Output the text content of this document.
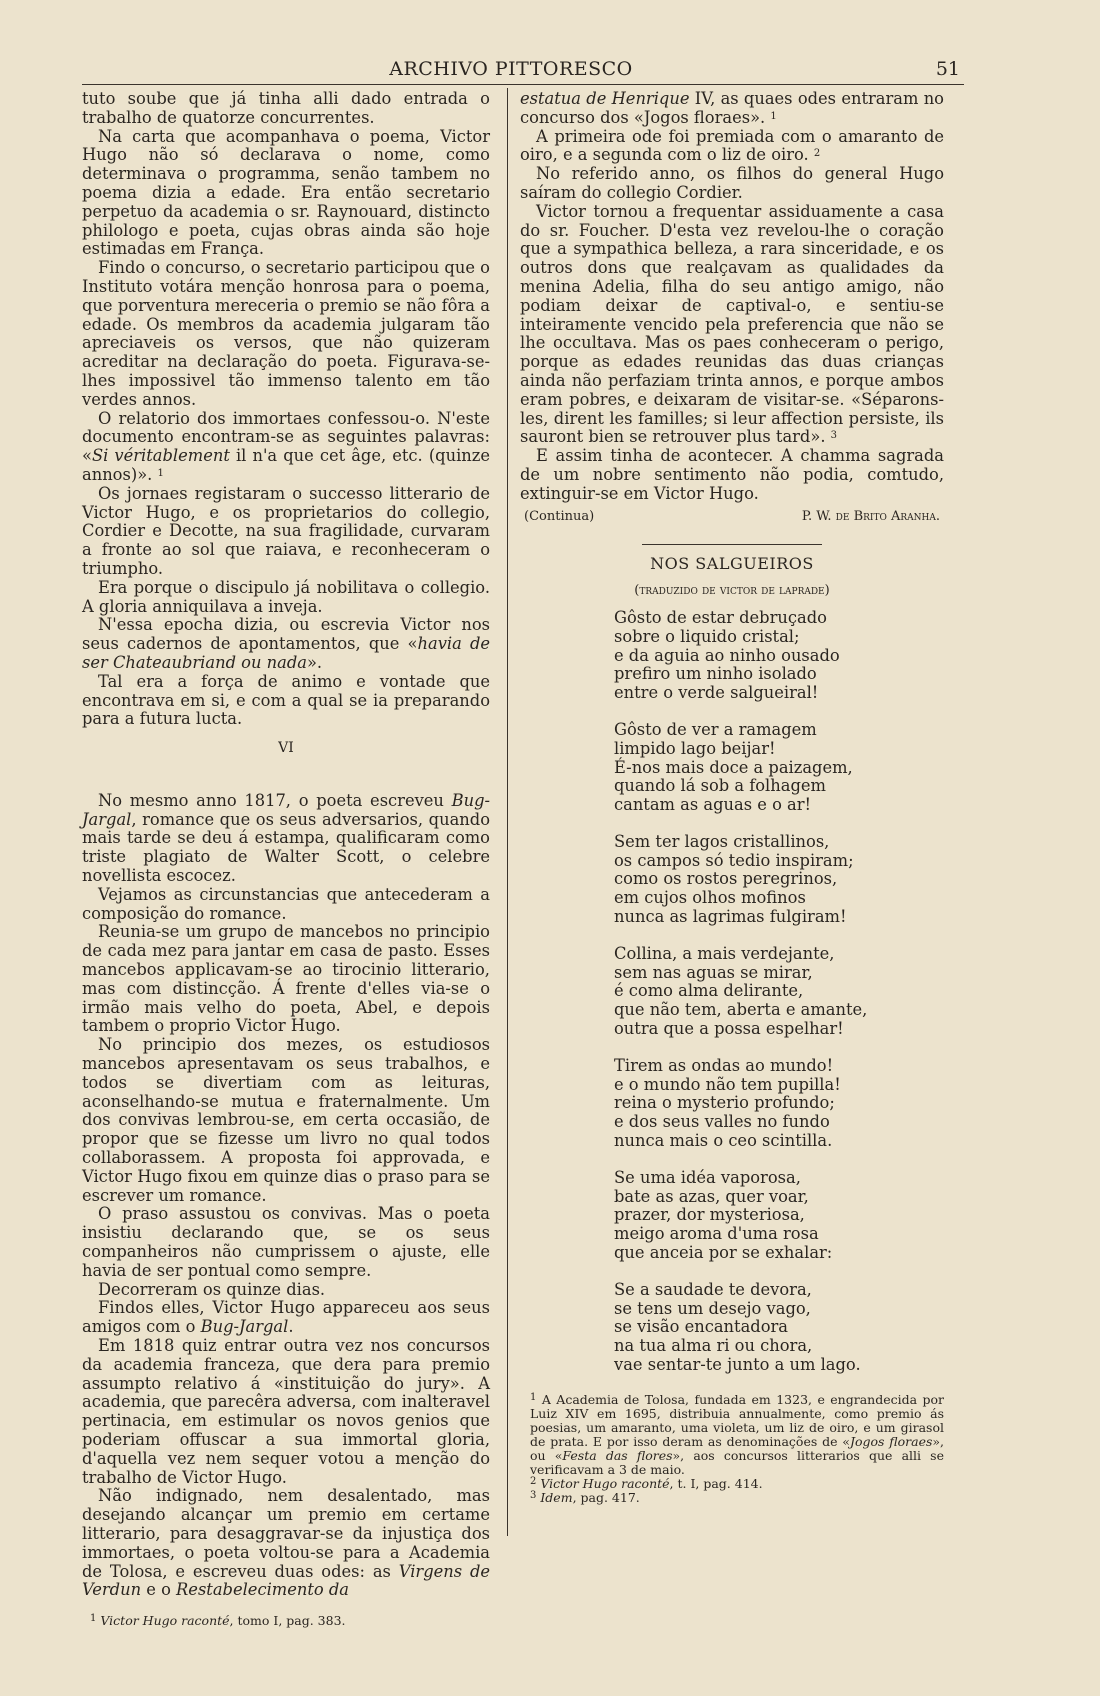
ARCHIVO PITTORESCO	51

tuto soube que já tinha alli dado entrada o trabalho de quatorze concurrentes.

Na carta que acompanhava o poema, Victor Hugo não só declarava o nome, como determinava o programma, senão tambem no poema dizia a edade. Era então secretario perpetuo da academia o sr. Raynouard, distincto philologo e poeta, cujas obras ainda são hoje estimadas em França.

Findo o concurso, o secretario participou que o Instituto votára menção honrosa para o poema, que porventura mereceria o premio se não fôra a edade. Os membros da academia julgaram tão apreciaveis os versos, que não quizeram acreditar na declaração do poeta. Figurava-se-lhes impossivel tão immenso talento em tão verdes annos.

O relatorio dos immortaes confessou-o. N'este documento encontram-se as seguintes palavras: «Si véritablement il n'a que cet âge, etc. (quinze annos)». $^1$

Os jornaes registaram o successo litterario de Victor Hugo, e os proprietarios do collegio, Cordier e Decotte, na sua fragilidade, curvaram a fronte ao sol que raiava, e reconheceram o triumpho.

Era porque o discipulo já nobilitava o collegio. A gloria anniquilava a inveja.

N'essa epocha dizia, ou escrevia Victor nos seus cadernos de apontamentos, que «havia de ser Chateaubriand ou nada».

Tal era a força de animo e vontade que encontrava em si, e com a qual se ia preparando para a futura lucta.

VI

No mesmo anno 1817, o poeta escreveu Bug-Jargal, romance que os seus adversarios, quando mais tarde se deu á estampa, qualificaram como triste plagiato de Walter Scott, o celebre novellista escocez.

Vejamos as circunstancias que antecederam a composição do romance.

Reunia-se um grupo de mancebos no principio de cada mez para jantar em casa de pasto. Esses mancebos applicavam-se ao tirocinio litterario, mas com distincção. Á frente d'elles via-se o irmão mais velho do poeta, Abel, e depois tambem o proprio Victor Hugo.

No principio dos mezes, os estudiosos mancebos apresentavam os seus trabalhos, e todos se divertiam com as leituras, aconselhando-se mutua e fraternalmente. Um dos convivas lembrou-se, em certa occasião, de propor que se fizesse um livro no qual todos collaborassem. A proposta foi approvada, e Victor Hugo fixou em quinze dias o praso para se escrever um romance.

O praso assustou os convivas. Mas o poeta insistiu declarando que, se os seus companheiros não cumprissem o ajuste, elle havia de ser pontual como sempre.

Decorreram os quinze dias.

Findos elles, Victor Hugo appareceu aos seus amigos com o Bug-Jargal.

Em 1818 quiz entrar outra vez nos concursos da academia franceza, que dera para premio assumpto relativo á «instituição do jury». A academia, que parecêra adversa, com inalteravel pertinacia, em estimular os novos genios que poderiam offuscar a sua immortal gloria, d'aquella vez nem sequer votou a menção do trabalho de Victor Hugo.

Não indignado, nem desalentado, mas desejando alcançar um premio em certame litterario, para desaggravar-se da injustiça dos immortaes, o poeta voltou-se para a Academia de Tolosa, e escreveu duas odes: as Virgens de Verdun e o Restabelecimento da

$^1$ Victor Hugo raconté, tomo I, pag. 383.

estatua de Henrique IV, as quaes odes entraram no concurso dos «Jogos floraes». $^1$

A primeira ode foi premiada com o amaranto de oiro, e a segunda com o liz de oiro. $^2$

No referido anno, os filhos do general Hugo saíram do collegio Cordier.

Victor tornou a frequentar assiduamente a casa do sr. Foucher. D'esta vez revelou-lhe o coração que a sympathica belleza, a rara sinceridade, e os outros dons que realçavam as qualidades da menina Adelia, filha do seu antigo amigo, não podiam deixar de captival-o, e sentiu-se inteiramente vencido pela preferencia que não se lhe occultava. Mas os paes conheceram o perigo, porque as edades reunidas das duas crianças ainda não perfaziam trinta annos, e porque ambos eram pobres, e deixaram de visitar-se. «Séparons-les, dirent les familles; si leur affection persiste, ils sauront bien se retrouver plus tard». $^3$

E assim tinha de acontecer. A chamma sagrada de um nobre sentimento não podia, comtudo, extinguir-se em Victor Hugo.

(Continua)	P. W. de Brito Aranha.
NOS SALGUEIROS
(traduzido de victor de laprade)
Gôsto de estar debruçado
sobre o liquido cristal;
e da aguia ao ninho ousado
prefiro um ninho isolado
entre o verde salgueiral!
Gôsto de ver a ramagem
limpido lago beijar!
É-nos mais doce a paizagem,
quando lá sob a folhagem
cantam as aguas e o ar!
Sem ter lagos cristallinos,
os campos só tedio inspiram;
como os rostos peregrinos,
em cujos olhos mofinos
nunca as lagrimas fulgiram!
Collina, a mais verdejante,
sem nas aguas se mirar,
é como alma delirante,
que não tem, aberta e amante,
outra que a possa espelhar!
Tirem as ondas ao mundo!
e o mundo não tem pupilla!
reina o mysterio profundo;
e dos seus valles no fundo
nunca mais o ceo scintilla.
Se uma idéa vaporosa,
bate as azas, quer voar,
prazer, dor mysteriosa,
meigo aroma d'uma rosa
que anceia por se exhalar:
Se a saudade te devora,
se tens um desejo vago,
se visão encantadora
na tua alma ri ou chora,
vae sentar-te junto a um lago.

$^1$ A Academia de Tolosa, fundada em 1323, e engrandecida por Luiz XIV em 1695, distribuia annualmente, como premio ás poesias, um amaranto, uma violeta, um liz de oiro, e um girasol de prata. E por isso deram as denominações de «Jogos floraes», ou «Festa das flores», aos concursos litterarios que alli se verificavam a 3 de maio.

$^2$ Victor Hugo raconté, t. I, pag. 414.

$^3$ Idem, pag. 417.
